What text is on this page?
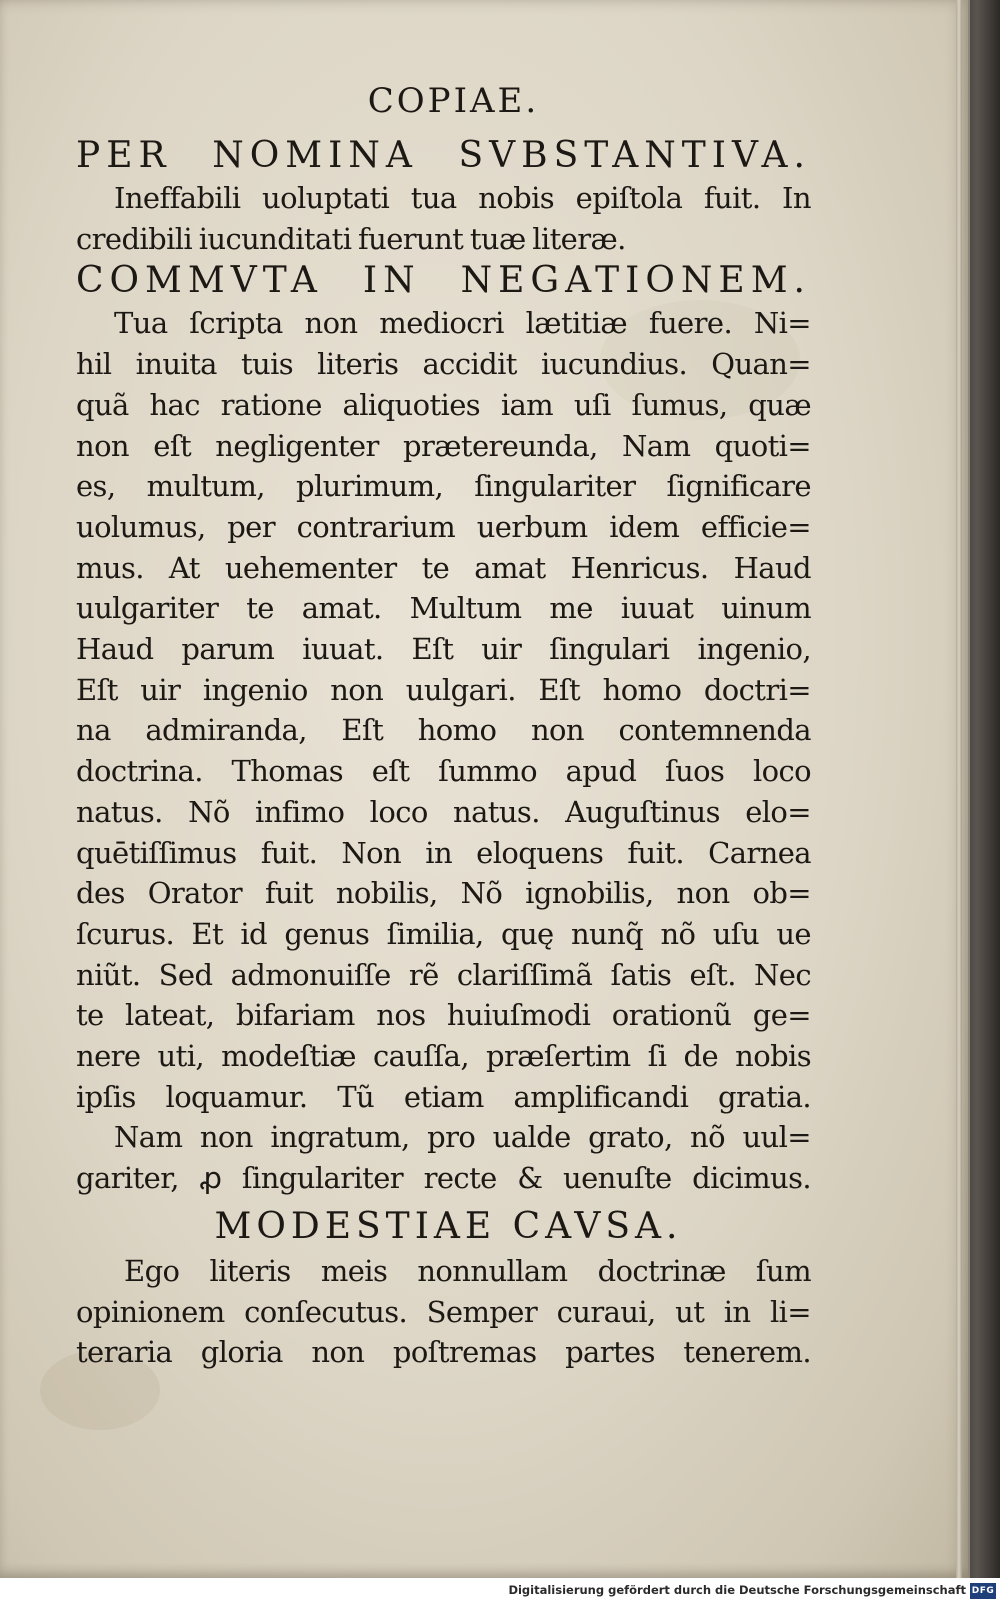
COPIAE.
PER NOMINA SVBSTANTIVA.
Ineffabili uoluptati tua nobis epiſtola fuit. In
credibili iucunditati fuerunt tuæ literæ.
COMMVTA IN NEGATIONEM.
Tua ſcripta non mediocri lætitiæ fuere. Ni=
hil inuita tuis literis accidit iucundius. Quan=
quã hac ratione aliquoties iam uſi ſumus, quæ
non eſt negligenter prætereunda, Nam quoti=
es, multum, plurimum, ſingulariter ſignificare
uolumus, per contrarium uerbum idem efficie=
mus. At uehementer te amat Henricus. Haud
uulgariter te amat. Multum me iuuat uinum
Haud parum iuuat. Eſt uir ſingulari ingenio,
Eſt uir ingenio non uulgari. Eſt homo doctri=
na admiranda, Eſt homo non contemnenda
doctrina. Thomas eſt ſummo apud ſuos loco
natus. Nõ infimo loco natus. Auguſtinus elo=
quētiſſimus fuit. Non in eloquens fuit. Carnea
des Orator fuit nobilis, Nõ ignobilis, non ob=
ſcurus. Et id genus ſimilia, quę nunq̃ nõ uſu ue
niũt. Sed admonuiſſe rẽ clariſſimã ſatis eſt. Nec
te lateat, bifariam nos huiuſmodi orationũ ge=
nere uti, modeſtiæ cauſſa, præſertim ſi de nobis
ipſis loquamur. Tũ etiam amplificandi gratia.
Nam non ingratum, pro ualde grato, nõ uul=
gariter, ꝓ ſingulariter recte & uenuſte dicimus.
MODESTIAE CAVSA.
Ego literis meis nonnullam doctrinæ ſum
opinionem conſecutus. Semper curaui, ut in li=
teraria gloria non poſtremas partes tenerem.
Digitalisierung gefördert durch die Deutsche Forschungsgemeinschaft DFG
